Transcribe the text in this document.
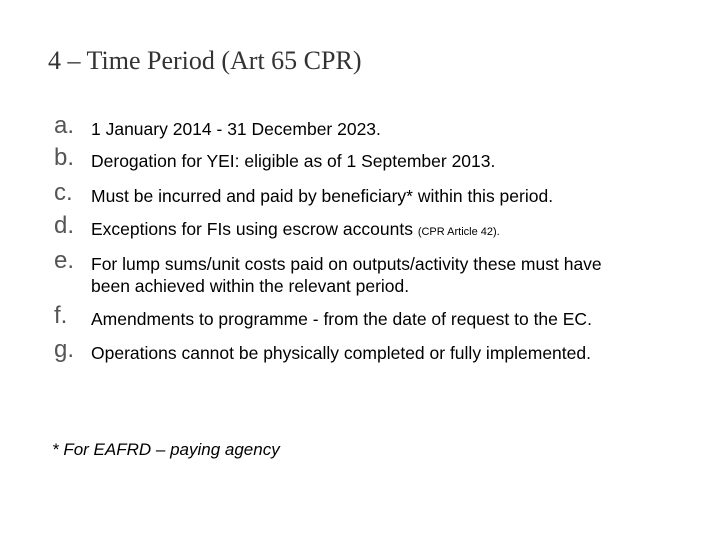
4 – Time Period (Art 65 CPR)
a. 1 January 2014 - 31 December 2023.
b. Derogation for YEI: eligible as of 1 September 2013.
c. Must be incurred and paid by beneficiary* within this period.
d. Exceptions for FIs using escrow accounts (CPR Article 42).
e. For lump sums/unit costs paid on outputs/activity these must have been achieved within the relevant period.
f. Amendments to programme - from the date of request to the EC.
g. Operations cannot be physically completed or fully implemented.
* For EAFRD – paying agency
